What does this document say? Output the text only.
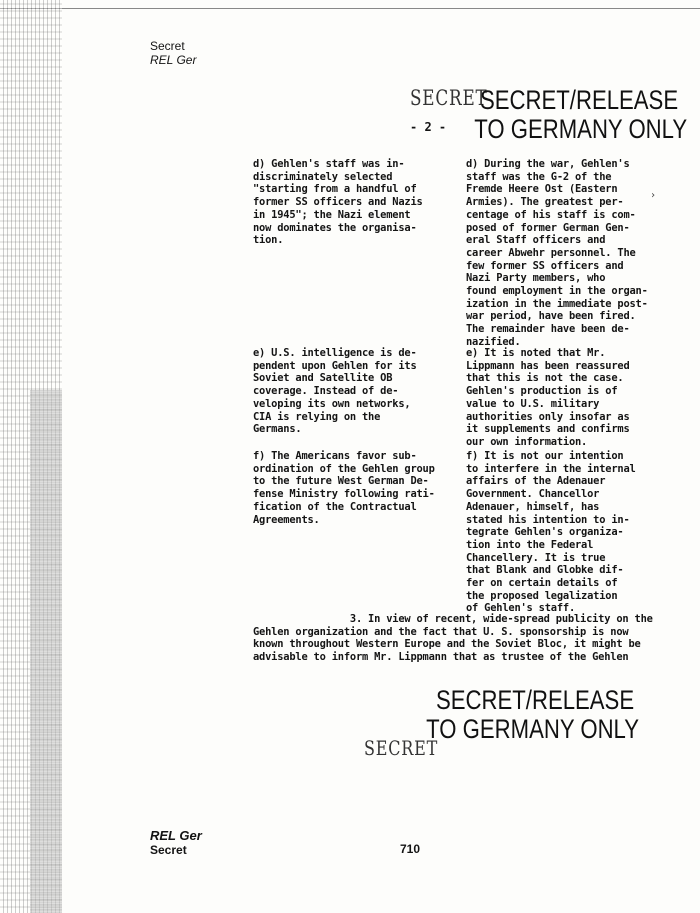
Secret
REL Ger
SECRET
- 2 -
SECRET/RELEASE
TO GERMANY ONLY
d) Gehlen's staff was in-
discriminately selected
"starting from a handful of
former SS officers and Nazis
in 1945"; the Nazi element
now dominates the organisa-
tion.
d) During the war, Gehlen's
staff was the G-2 of the
Fremde Heere Ost (Eastern
Armies). The greatest per-
centage of his staff is com-
posed of former German Gen-
eral Staff officers and
career Abwehr personnel. The
few former SS officers and
Nazi Party members, who
found employment in the organ-
ization in the immediate post-
war period, have been fired.
The remainder have been de-
nazified.
›
e) U.S. intelligence is de-
pendent upon Gehlen for its
Soviet and Satellite OB
coverage. Instead of de-
veloping its own networks,
CIA is relying on the
Germans.
e) It is noted that Mr.
Lippmann has been reassured
that this is not the case.
Gehlen's production is of
value to U.S. military
authorities only insofar as
it supplements and confirms
our own information.
f) The Americans favor sub-
ordination of the Gehlen group
to the future West German De-
fense Ministry following rati-
fication of the Contractual
Agreements.
f) It is not our intention
to interfere in the internal
affairs of the Adenauer
Government. Chancellor
Adenauer, himself, has
stated his intention to in-
tegrate Gehlen's organiza-
tion into the Federal
Chancellery. It is true
that Blank and Globke dif-
fer on certain details of
the proposed legalization
of Gehlen's staff.
3. In view of recent, wide-spread publicity on the
Gehlen organization and the fact that U. S. sponsorship is now
known throughout Western Europe and the Soviet Bloc, it might be
advisable to inform Mr. Lippmann that as trustee of the Gehlen
SECRET/RELEASE
TO GERMANY ONLY
SECRET
REL Ger
Secret	710
